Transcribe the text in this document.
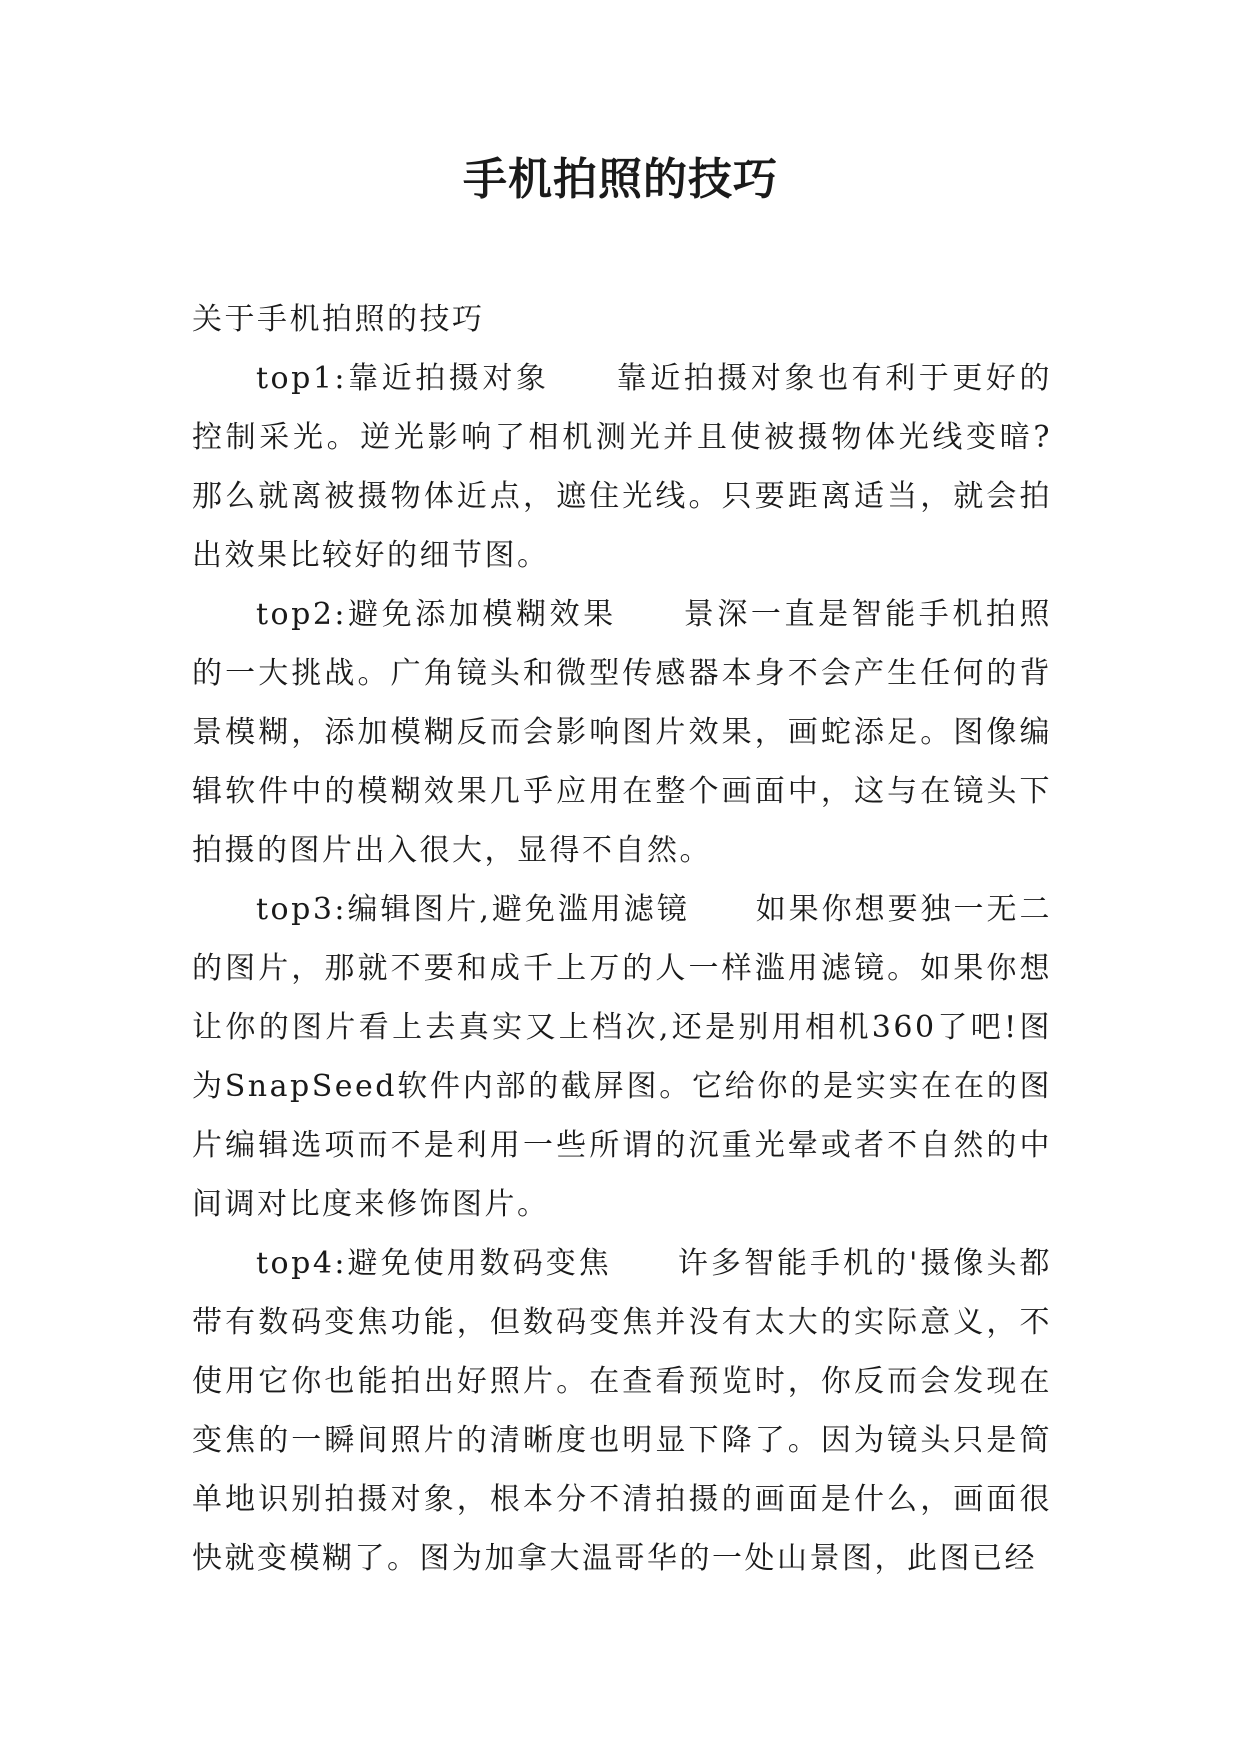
手机拍照的技巧

关于手机拍照的技巧

top1:靠近拍摄对象　　靠近拍摄对象也有利于更好的控制采光。逆光影响了相机测光并且使被摄物体光线变暗?那么就离被摄物体近点，遮住光线。只要距离适当，就会拍出效果比较好的细节图。

top2:避免添加模糊效果　　景深一直是智能手机拍照的一大挑战。广角镜头和微型传感器本身不会产生任何的背景模糊，添加模糊反而会影响图片效果，画蛇添足。图像编辑软件中的模糊效果几乎应用在整个画面中，这与在镜头下拍摄的图片出入很大，显得不自然。

top3:编辑图片,避免滥用滤镜　　如果你想要独一无二的图片，那就不要和成千上万的人一样滥用滤镜。如果你想让你的图片看上去真实又上档次,还是别用相机360了吧!图为SnapSeed软件内部的截屏图。它给你的是实实在在的图片编辑选项而不是利用一些所谓的沉重光晕或者不自然的中间调对比度来修饰图片。

top4:避免使用数码变焦　　许多智能手机的'摄像头都带有数码变焦功能，但数码变焦并没有太大的实际意义，不使用它你也能拍出好照片。在查看预览时，你反而会发现在变焦的一瞬间照片的清晰度也明显下降了。因为镜头只是简单地识别拍摄对象，根本分不清拍摄的画面是什么，画面很快就变模糊了。图为加拿大温哥华的一处山景图，此图已经
